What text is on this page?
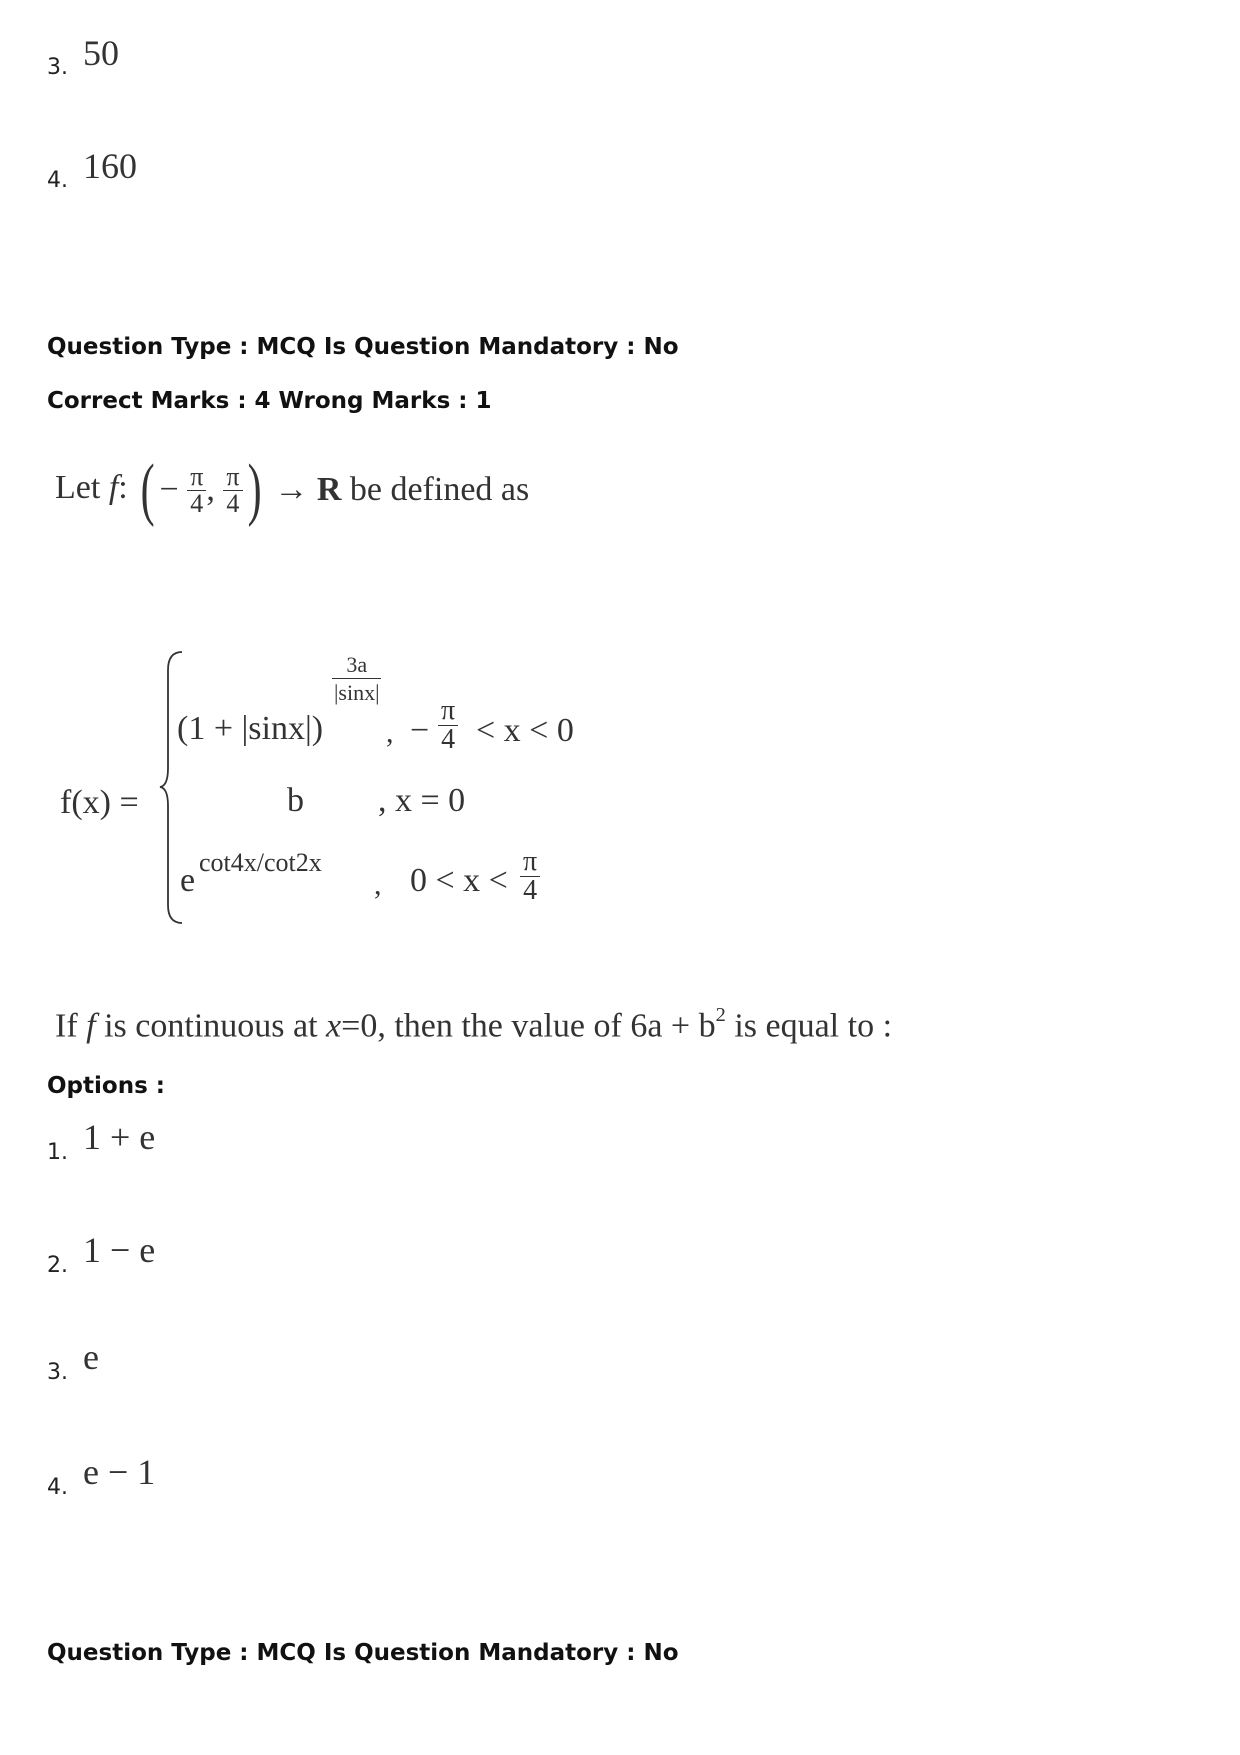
3. 50
4. 160
Question Type : MCQ Is Question Mandatory : No
Correct Marks : 4 Wrong Marks : 1
Let f: ( − $\frac{\pi}{4}$ , $\frac{\pi}{4}$ ) → R be defined as
f(x) =
3a
|sinx|
(1 + |sinx|) , − $\frac{\pi}{4} < x < 0$
b , x = 0
e cot4x/cot2x
, $0 < x < \frac{\pi}{4}$
If f is continuous at x=0, then the value of $6a + b^2$ is equal to :
Options :
1. 1 + e
2. 1 − e
3. e
4. e − 1
Question Type : MCQ Is Question Mandatory : No
